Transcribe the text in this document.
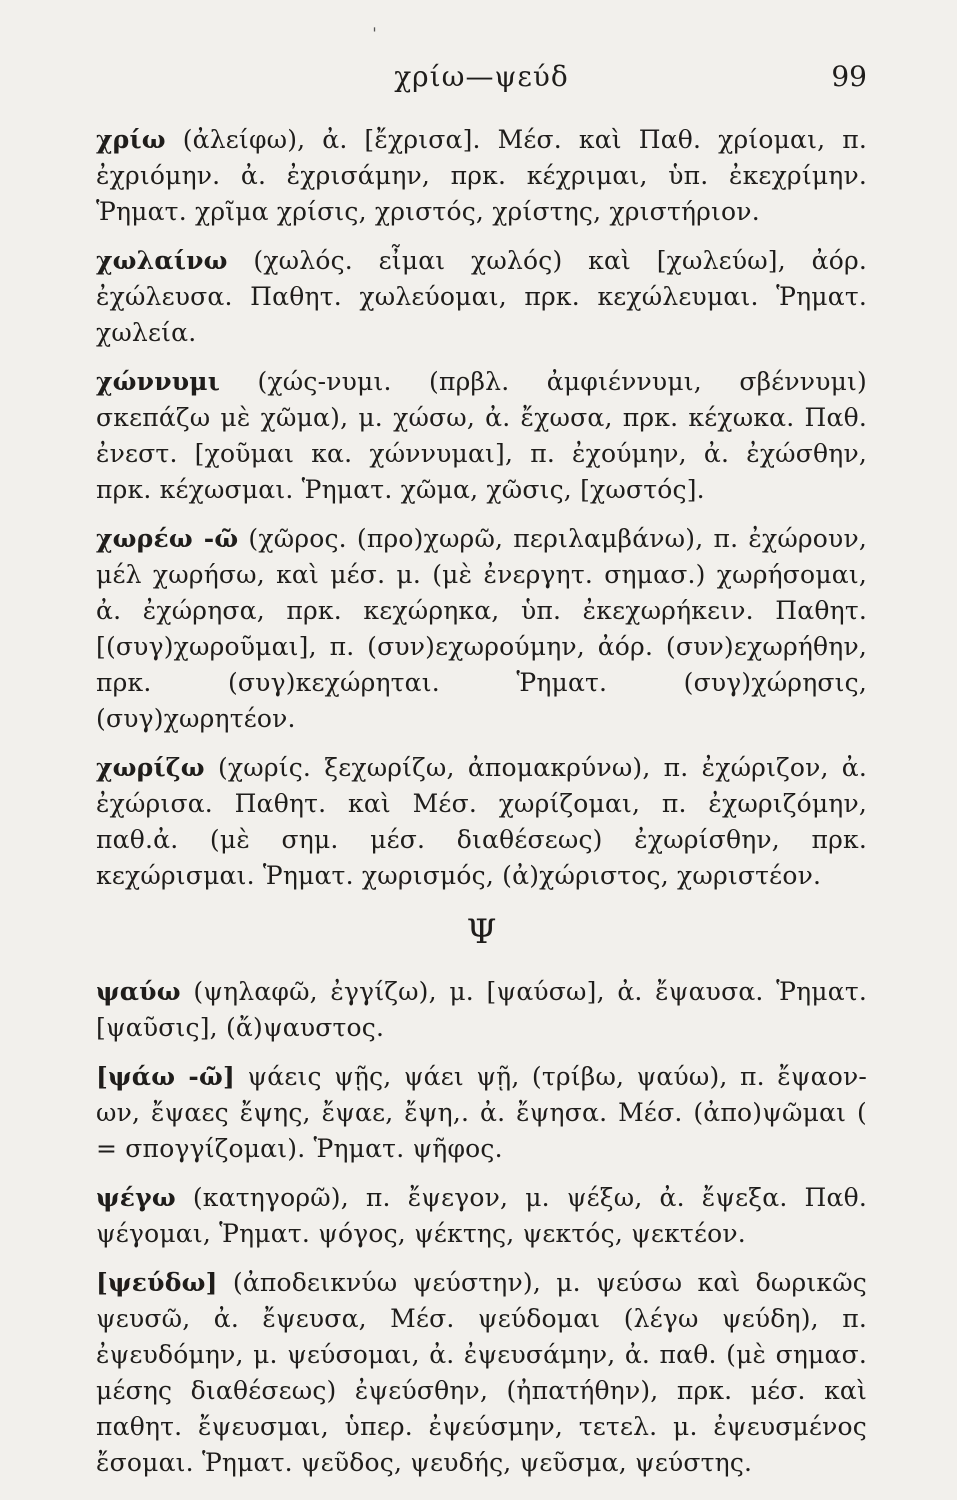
ˈ
χρίω—ψεύδ	99

χρίω (ἀλείφω), ἀ. [ἔχρισα]. Μέσ. καὶ Παθ. χρίομαι, π. ἐχριόμην. ἀ. ἐχρισάμην, πρκ. κέχριμαι, ὑπ. ἐκεχρίμην. Ῥηματ. χρῖμα χρίσις, χριστός, χρίστης, χριστήριον.

χωλαίνω (χωλός. εἶμαι χωλός) καὶ [χωλεύω], ἀόρ. ἐχώλευσα. Παθητ. χωλεύομαι, πρκ. κεχώλευμαι. Ῥηματ. χωλεία.

χώννυμι (χώς-νυμι. (πρβλ. ἀμφιέννυμι, σβέννυμι) σκεπάζω μὲ χῶμα), μ. χώσω, ἀ. ἔχωσα, πρκ. κέχωκα. Παθ. ἐνεστ. [χοῦμαι κα. χώννυμαι], π. ἐχούμην, ἀ. ἐχώσθην, πρκ. κέχωσμαι. Ῥηματ. χῶμα, χῶσις, [χωστός].

χωρέω -ῶ (χῶρος. (προ)χωρῶ, περιλαμβάνω), π. ἐχώρουν, μέλ χωρήσω, καὶ μέσ. μ. (μὲ ἐνεργητ. σημασ.) χωρήσομαι, ἀ. ἐχώρησα, πρκ. κεχώρηκα, ὑπ. ἐκεχωρήκειν. Παθητ. [(συγ)χωροῦμαι], π. (συν)εχωρούμην, ἀόρ. (συν)εχωρήθην, πρκ. (συγ)κεχώρηται. Ῥηματ. (συγ)χώρησις, (συγ)χωρητέον.

χωρίζω (χωρίς. ξεχωρίζω, ἀπομακρύνω), π. ἐχώριζον, ἀ. ἐχώρισα. Παθητ. καὶ Μέσ. χωρίζομαι, π. ἐχωριζόμην, παθ.ἀ. (μὲ σημ. μέσ. διαθέσεως) ἐχωρίσθην, πρκ. κεχώρισμαι. Ῥηματ. χωρισμός, (ἀ)χώριστος, χωριστέον.

Ψ

ψαύω (ψηλαφῶ, ἐγγίζω), μ. [ψαύσω], ἀ. ἔψαυσα. Ῥηματ. [ψαῦσις], (ἄ)ψαυστος.

[ψάω -ῶ] ψάεις ψῇς, ψάει ψῇ, (τρίβω, ψαύω), π. ἔψαον-ων, ἔψαες ἔψης, ἔψαε, ἔψη,. ἀ. ἔψησα. Μέσ. (ἀπο)ψῶμαι ( = σπογγίζομαι). Ῥηματ. ψῆφος.

ψέγω (κατηγορῶ), π. ἔψεγον, μ. ψέξω, ἀ. ἔψεξα. Παθ. ψέγομαι, Ῥηματ. ψόγος, ψέκτης, ψεκτός, ψεκτέον.

[ψεύδω] (ἀποδεικνύω ψεύστην), μ. ψεύσω καὶ δωρικῶς ψευσῶ, ἀ. ἔψευσα, Μέσ. ψεύδομαι (λέγω ψεύδη), π. ἐψευδόμην, μ. ψεύσομαι, ἀ. ἐψευσάμην, ἀ. παθ. (μὲ σημασ. μέσης διαθέσεως) ἐψεύσθην, (ἠπατήθην), πρκ. μέσ. καὶ παθητ. ἔψευσμαι, ὑπερ. ἐψεύσμην, τετελ. μ. ἐψευσμένος ἔσομαι. Ῥηματ. ψεῦδος, ψευδής, ψεῦσμα, ψεύστης.
